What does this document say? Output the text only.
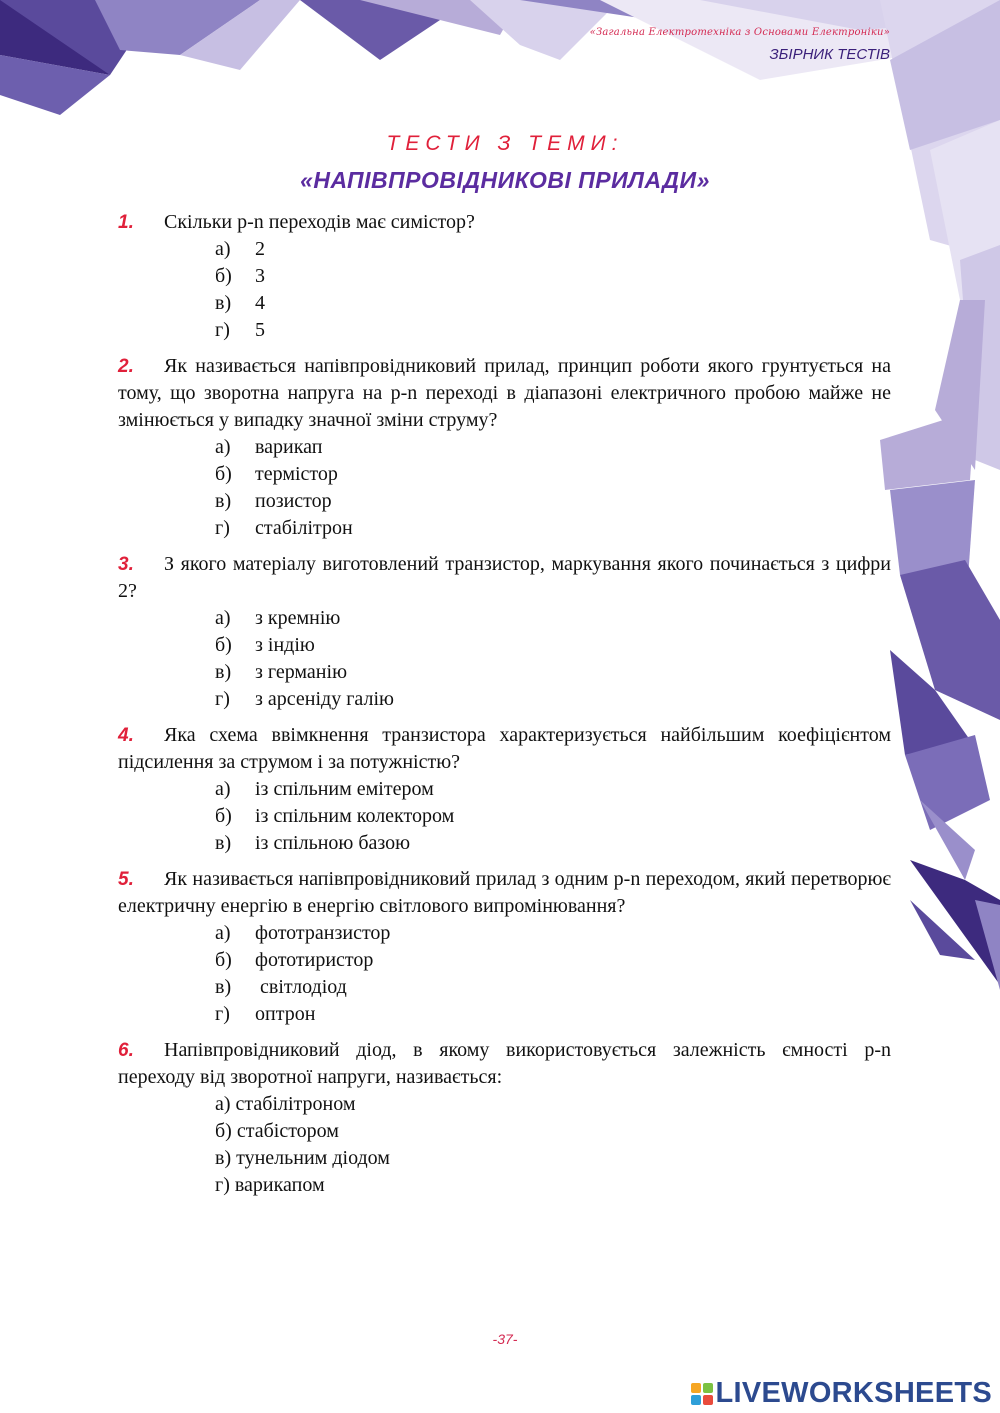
«Загальна Електротехніка з Основами Електроніки»
ЗБІРНИК ТЕСТІВ
ТЕСТИ З ТЕМИ:
«НАПІВПРОВІДНИКОВІ ПРИЛАДИ»
1. Скільки p-n переходів має симістор?
а)	2
б)	3
в)	4
г)	5
2. Як називається напівпровідниковий прилад, принцип роботи якого грунтується на тому, що зворотна напруга на p-n переході в діапазоні електричного пробою майже не змінюється у випадку значної зміни струму?
а)	варикап
б)	термістор
в)	позистор
г)	стабілітрон
3. З якого матеріалу виготовлений транзистор, маркування якого починається з цифри 2?
а)	з кремнію
б)	з індію
в)	з германію
г)	з арсеніду галію
4. Яка схема ввімкнення транзистора характеризується найбільшим коефіцієнтом підсилення за струмом і за потужністю?
а)	із спільним емітером
б)	із спільним колектором
в)	із спільною базою
5. Як називається напівпровідниковий прилад з одним p-n переходом, який перетворює електричну енергію в енергію світлового випромінювання?
а)	фототранзистор
б)	фототиристор
в)	світлодіод
г)	оптрон
6. Напівпровідниковий діод, в якому використовується залежність ємності p-n переходу від зворотної напруги, називається:
а) стабілітроном
б) стабістором
в) тунельним діодом
г) варикапом
-37-
LIVEWORKSHEETS
